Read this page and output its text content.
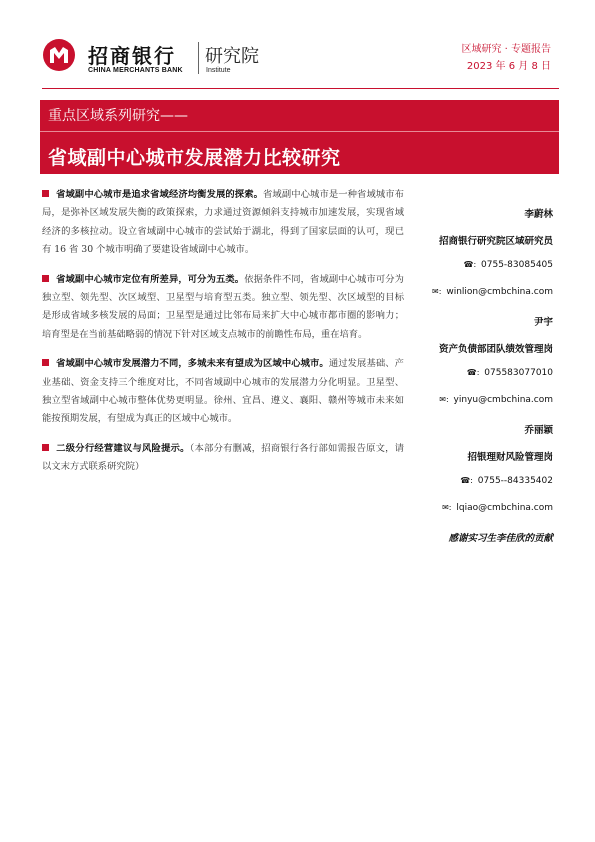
招商银行
CHINA MERCHANTS BANK
研究院
Institute
区域研究 · 专题报告
2023 年 6 月 8 日
重点区域系列研究——
省域副中心城市发展潜力比较研究

省域副中心城市是追求省域经济均衡发展的探索。省域副中心城市是一种省域城市布局，是弥补区域发展失衡的政策探索，力求通过资源倾斜支持城市加速发展，实现省域经济的多核拉动。设立省域副中心城市的尝试始于湖北，得到了国家层面的认可，现已有 16 省 30 个城市明确了要建设省域副中心城市。

省域副中心城市定位有所差异，可分为五类。依据条件不同，省域副中心城市可分为独立型、领先型、次区域型、卫星型与培育型五类。独立型、领先型、次区域型的目标是形成省域多核发展的局面；卫星型是通过比邻布局来扩大中心城市都市圈的影响力；培育型是在当前基础略弱的情况下针对区域支点城市的前瞻性布局，重在培育。

省域副中心城市发展潜力不同，多城未来有望成为区域中心城市。通过发展基础、产业基础、资金支持三个维度对比，不同省域副中心城市的发展潜力分化明显。卫星型、独立型省域副中心城市整体优势更明显。徐州、宜昌、遵义、襄阳、赣州等城市未来如能按预期发展，有望成为真正的区域中心城市。

二级分行经营建议与风险提示。（本部分有删减，招商银行各行部如需报告原文，请以文末方式联系研究院）

李蔚林
招商银行研究院区域研究员
☎: 0755-83085405
✉: winlion@cmbchina.com
尹宇
资产负债部团队绩效管理岗
☎: 075583077010
✉: yinyu@cmbchina.com
乔丽颖
招银理财风险管理岗
☎: 0755--84335402
✉: lqiao@cmbchina.com
感谢实习生李佳欣的贡献
